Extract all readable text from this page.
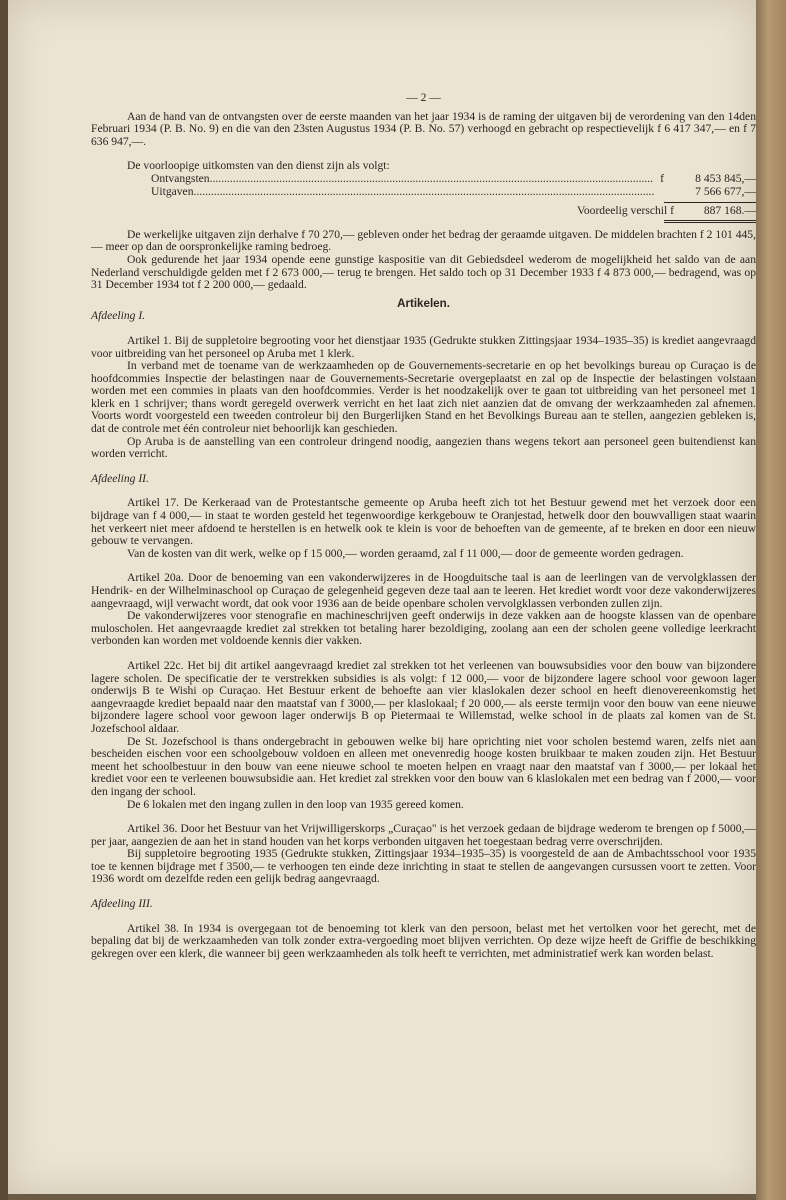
— 2 —

Aan de hand van de ontvangsten over de eerste maanden van het jaar 1934 is de raming der uitgaven bij de verordening van den 14den Februari 1934 (P. B. No. 9) en die van den 23sten Augustus 1934 (P. B. No. 57) verhoogd en gebracht op respectievelijk f 6 417 347,— en f 7 636 947,—.

De voorloopige uitkomsten van den dienst zijn als volgt:

Ontvangsten .....	f	8 453 845,—
Uitgaven .....	7 566 677,—
Voordeelig verschil f	887 168.—

De werkelijke uitgaven zijn derhalve f 70 270,— gebleven onder het bedrag der geraamde uitgaven. De middelen brachten f 2 101 445,— meer op dan de oorspronkelijke raming bedroeg.

Ook gedurende het jaar 1934 opende eene gunstige kaspositie van dit Gebiedsdeel wederom de mogelijkheid het saldo van de aan Nederland verschuldigde gelden met f 2 673 000,— terug te brengen. Het saldo toch op 31 December 1933 f 4 873 000,— bedragend, was op 31 December 1934 tot f 2 200 000,— gedaald.

Artikelen.

Afdeeling I.

Artikel 1. Bij de suppletoire begrooting voor het dienstjaar 1935 (Gedrukte stukken Zittingsjaar 1934–1935–35) is krediet aangevraagd voor uitbreiding van het personeel op Aruba met 1 klerk.

In verband met de toename van de werkzaamheden op de Gouvernements-secretarie en op het bevolkings bureau op Curaçao is de hoofdcommies Inspectie der belastingen naar de Gouvernements-Secretarie overgeplaatst en zal op de Inspectie der belastingen volstaan worden met een commies in plaats van den hoofdcommies. Verder is het noodzakelijk over te gaan tot uitbreiding van het personeel met 1 klerk en 1 schrijver; thans wordt geregeld overwerk verricht en het laat zich niet aanzien dat de omvang der werkzaamheden zal afnemen. Voorts wordt voorgesteld een tweeden controleur bij den Burgerlijken Stand en het Bevolkings Bureau aan te stellen, aangezien gebleken is, dat de controle met één controleur niet behoorlijk kan geschieden.

Op Aruba is de aanstelling van een controleur dringend noodig, aangezien thans wegens tekort aan personeel geen buitendienst kan worden verricht.

Afdeeling II.

Artikel 17. De Kerkeraad van de Protestantsche gemeente op Aruba heeft zich tot het Bestuur gewend met het verzoek door een bijdrage van f 4 000,— in staat te worden gesteld het tegenwoordige kerkgebouw te Oranjestad, hetwelk door den bouwvalligen staat waarin het verkeert niet meer afdoend te herstellen is en hetwelk ook te klein is voor de behoeften van de gemeente, af te breken en door een nieuw gebouw te vervangen.

Van de kosten van dit werk, welke op f 15 000,— worden geraamd, zal f 11 000,— door de gemeente worden gedragen.

Artikel 20a. Door de benoeming van een vakonderwijzeres in de Hoogduitsche taal is aan de leerlingen van de vervolgklassen der Hendrik- en der Wilhelminaschool op Curaçao de gelegenheid gegeven deze taal aan te leeren. Het krediet wordt voor deze vakonderwijzeres aangevraagd, wijl verwacht wordt, dat ook voor 1936 aan de beide openbare scholen vervolgklassen verbonden zullen zijn.

De vakonderwijzeres voor stenografie en machineschrijven geeft onderwijs in deze vakken aan de hoogste klassen van de openbare muloscholen. Het aangevraagde krediet zal strekken tot betaling harer bezoldiging, zoolang aan een der scholen geene volledige leerkracht verbonden kan worden met voldoende kennis dier vakken.

Artikel 22c. Het bij dit artikel aangevraagd krediet zal strekken tot het verleenen van bouwsubsidies voor den bouw van bijzondere lagere scholen. De specificatie der te verstrekken subsidies is als volgt: f 12 000,— voor de bijzondere lagere school voor gewoon lager onderwijs B te Wishi op Curaçao. Het Bestuur erkent de behoefte aan vier klaslokalen dezer school en heeft dienovereenkomstig het aangevraagde krediet bepaald naar den maatstaf van f 3000,— per klaslokaal; f 20 000,— als eerste termijn voor den bouw van eene nieuwe bijzondere lagere school voor gewoon lager onderwijs B op Pietermaai te Willemstad, welke school in de plaats zal komen van de St. Jozefschool aldaar.

De St. Jozefschool is thans ondergebracht in gebouwen welke bij hare oprichting niet voor scholen bestemd waren, zelfs niet aan bescheiden eischen voor een schoolgebouw voldoen en alleen met onevenredig hooge kosten bruikbaar te maken zouden zijn. Het Bestuur meent het schoolbestuur in den bouw van eene nieuwe school te moeten helpen en vraagt naar den maatstaf van f 3000,— per lokaal het krediet voor een te verleenen bouwsubsidie aan. Het krediet zal strekken voor den bouw van 6 klaslokalen met een bedrag van f 2000,— voor den ingang der school.

De 6 lokalen met den ingang zullen in den loop van 1935 gereed komen.

Artikel 36. Door het Bestuur van het Vrijwilligerskorps „Curaçao" is het verzoek gedaan de bijdrage wederom te brengen op f 5000,— per jaar, aangezien de aan het in stand houden van het korps verbonden uitgaven het toegestaan bedrag verre overschrijden.

Bij suppletoire begrooting 1935 (Gedrukte stukken, Zittingsjaar 1934–1935–35) is voorgesteld de aan de Ambachtsschool voor 1935 toe te kennen bijdrage met f 3500,— te verhoogen ten einde deze inrichting in staat te stellen de aangevangen cursussen voort te zetten. Voor 1936 wordt om dezelfde reden een gelijk bedrag aangevraagd.

Afdeeling III.

Artikel 38. In 1934 is overgegaan tot de benoeming tot klerk van den persoon, belast met het vertolken voor het gerecht, met de bepaling dat bij de werkzaamheden van tolk zonder extra-vergoeding moet blijven verrichten. Op deze wijze heeft de Griffie de beschikking gekregen over een klerk, die wanneer bij geen werkzaamheden als tolk heeft te verrichten, met administratief werk kan worden belast.
